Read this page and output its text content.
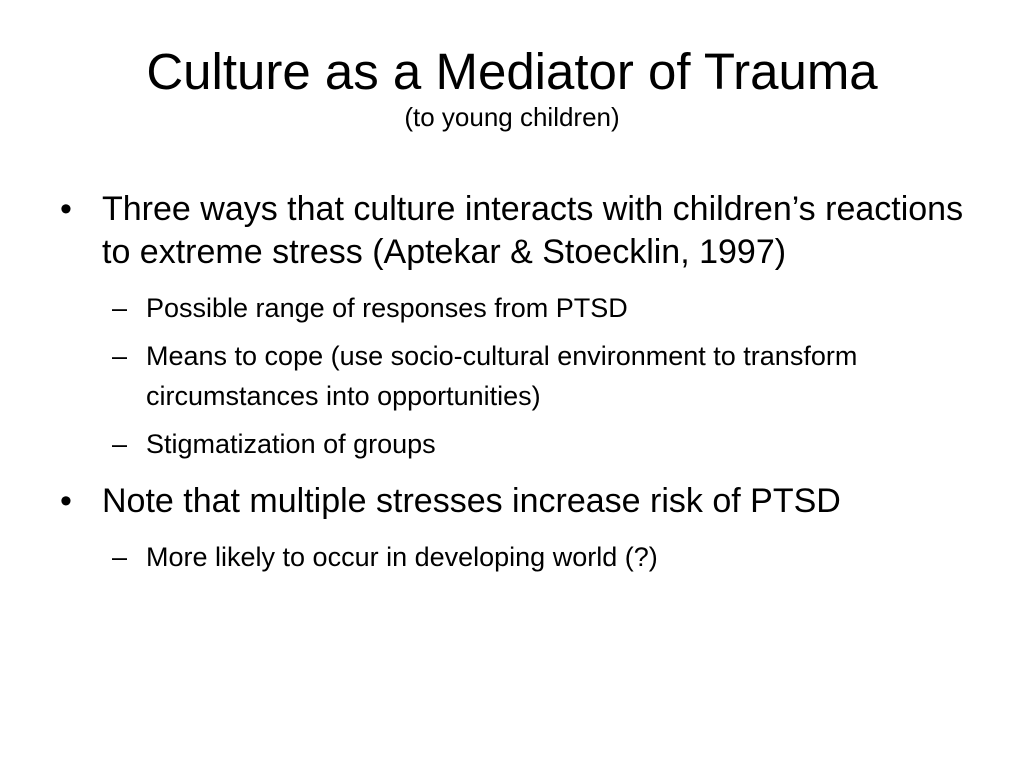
Culture as a Mediator of Trauma
(to young children)
• Three ways that culture interacts with children’s reactions to extreme stress (Aptekar & Stoecklin, 1997)
– Possible range of responses from PTSD
– Means to cope (use socio-cultural environment to transform circumstances into opportunities)
– Stigmatization of groups
• Note that multiple stresses increase risk of PTSD
– More likely to occur in developing world (?)
